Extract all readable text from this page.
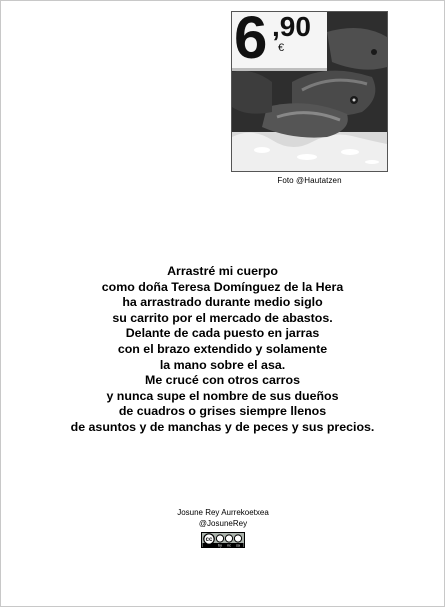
6 ,90
€
Foto @Hautatzen
Arrastré mi cuerpo
como doña Teresa Domínguez de la Hera
ha arrastrado durante medio siglo
su carrito por el mercado de abastos.
Delante de cada puesto en jarras
con el brazo extendido y solamente
la mano sobre el asa.
Me crucé con otros carros
y nunca supe el nombre de sus dueños
de cuadros o grises siempre llenos
de asuntos y de manchas y de peces y sus precios.
Josune Rey Aurrekoetxea
@JosuneRey
cc
by nc sa
